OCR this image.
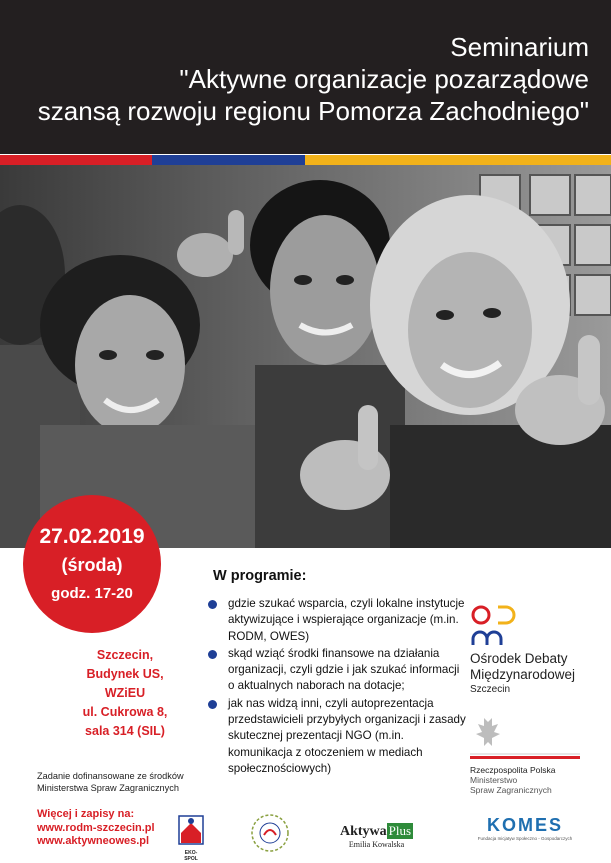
Seminarium
"Aktywne organizacje pozarządowe
szansą rozwoju regionu Pomorza Zachodniego"
27.02.2019
(środa)
godz. 17-20
Szczecin,
Budynek US,
WZiEU
ul. Cukrowa 8,
sala 314 (SIL)
W programie:
gdzie szukać wsparcia, czyli lokalne instytucje aktywizujące i wspierające organizacje (m.in. RODM, OWES)
skąd wziąć środki finansowe na działania organizacji, czyli gdzie i jak szukać informacji o aktualnych naborach na dotacje;
jak nas widzą inni, czyli autoprezentacja przedstawicieli przybyłych organizacji i zasady skutecznej prezentacji NGO (m.in. komunikacja z otoczeniem w mediach społecznościowych)
Ośrodek Debaty
Międzynarodowej
Szczecin
Rzeczpospolita Polska
Ministerstwo
Spraw Zagranicznych
Zadanie dofinansowane ze środków
Ministerstwa Spraw Zagranicznych
Więcej i zapisy na:
www.rodm-szczecin.pl
www.aktywneowes.pl
EKO-SPOL
Aktywa Plus
Emilia Kowalska
KOMES
Fundacja Inicjatyw Społeczno - Gospodarczych
